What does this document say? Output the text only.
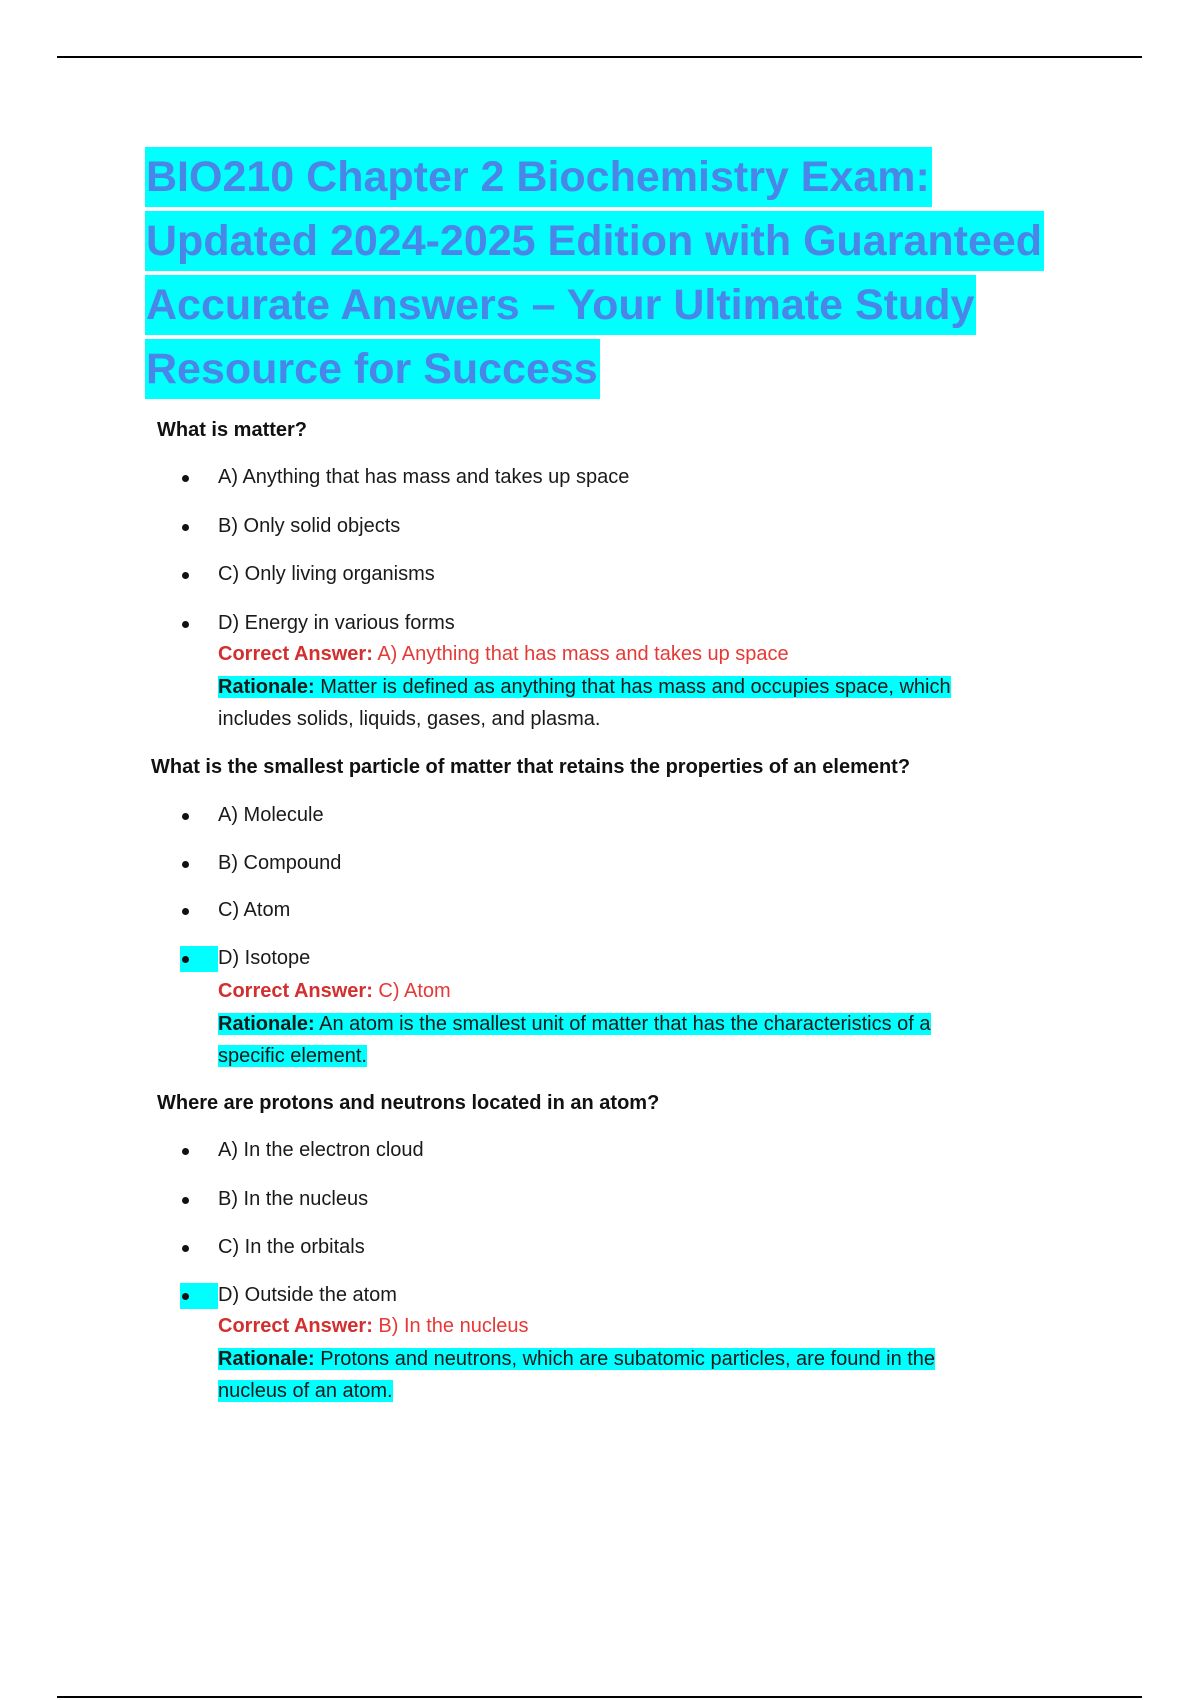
BIO210 Chapter 2 Biochemistry Exam:
Updated 2024-2025 Edition with Guaranteed
Accurate Answers – Your Ultimate Study
Resource for Success
What is matter?
A) Anything that has mass and takes up space
B) Only solid objects
C) Only living organisms
D) Energy in various forms
Correct Answer: A) Anything that has mass and takes up space
Rationale: Matter is defined as anything that has mass and occupies space, which
includes solids, liquids, gases, and plasma.
What is the smallest particle of matter that retains the properties of an element?
A) Molecule
B) Compound
C) Atom
D) Isotope
Correct Answer: C) Atom
Rationale: An atom is the smallest unit of matter that has the characteristics of a
specific element.
Where are protons and neutrons located in an atom?
A) In the electron cloud
B) In the nucleus
C) In the orbitals
D) Outside the atom
Correct Answer: B) In the nucleus
Rationale: Protons and neutrons, which are subatomic particles, are found in the
nucleus of an atom.
